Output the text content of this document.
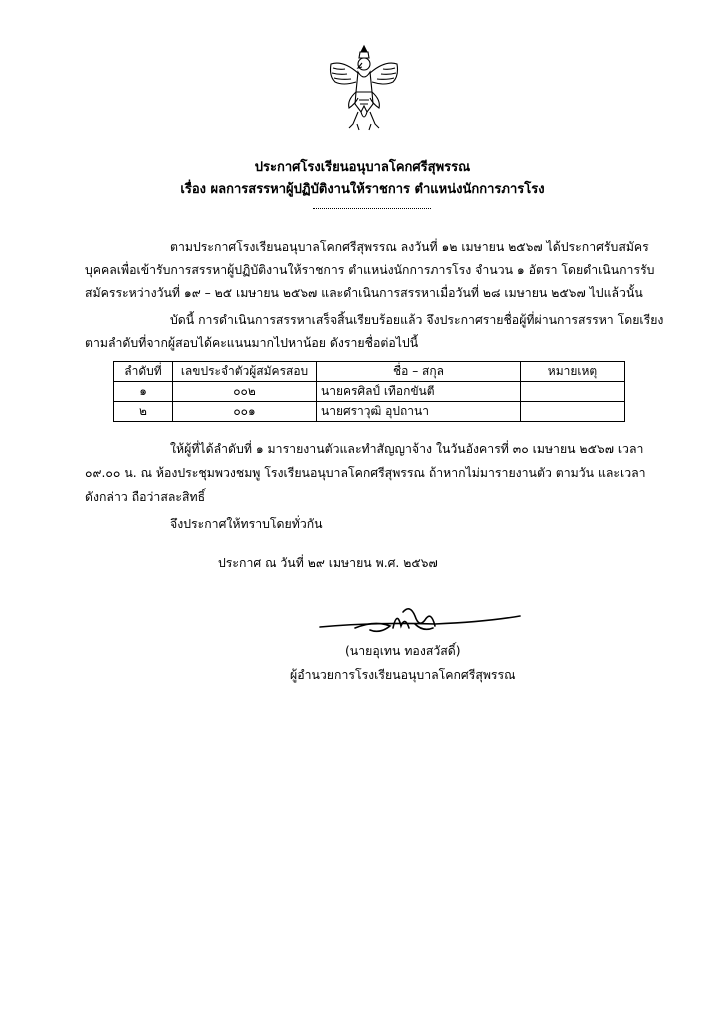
ประกาศโรงเรียนอนุบาลโคกศรีสุพรรณ
เรื่อง ผลการสรรหาผู้ปฏิบัติงานให้ราชการ ตำแหน่งนักการภารโรง
ตามประกาศโรงเรียนอนุบาลโคกศรีสุพรรณ ลงวันที่ ๑๒ เมษายน ๒๕๖๗ ได้ประกาศรับสมัคร
บุคคลเพื่อเข้ารับการสรรหาผู้ปฏิบัติงานให้ราชการ ตำแหน่งนักการภารโรง จำนวน ๑ อัตรา โดยดำเนินการรับ
สมัครระหว่างวันที่ ๑๙ – ๒๕ เมษายน ๒๕๖๗ และดำเนินการสรรหาเมื่อวันที่ ๒๘ เมษายน ๒๕๖๗ ไปแล้วนั้น
บัดนี้ การดำเนินการสรรหาเสร็จสิ้นเรียบร้อยแล้ว จึงประกาศรายชื่อผู้ที่ผ่านการสรรหา โดยเรียง
ตามลำดับที่จากผู้สอบได้คะแนนมากไปหาน้อย ดังรายชื่อต่อไปนี้
ลำดับที่	เลขประจำตัวผู้สมัครสอบ	ชื่อ – สกุล	หมายเหตุ
๑	๐๐๒	นายครศิลป์ เทือกขันตี	
๒	๐๐๑	นายศราวุฒิ อุปถานา	
ให้ผู้ที่ได้ลำดับที่ ๑ มารายงานตัวและทำสัญญาจ้าง ในวันอังคารที่ ๓๐ เมษายน ๒๕๖๗ เวลา
๐๙.๐๐ น. ณ ห้องประชุมพวงชมพู โรงเรียนอนุบาลโคกศรีสุพรรณ ถ้าหากไม่มารายงานตัว ตามวัน และเวลา
ดังกล่าว ถือว่าสละสิทธิ์
จึงประกาศให้ทราบโดยทั่วกัน
ประกาศ ณ วันที่ ๒๙ เมษายน พ.ศ. ๒๕๖๗
(นายอุเทน ทองสวัสดิ์)
ผู้อำนวยการโรงเรียนอนุบาลโคกศรีสุพรรณ
